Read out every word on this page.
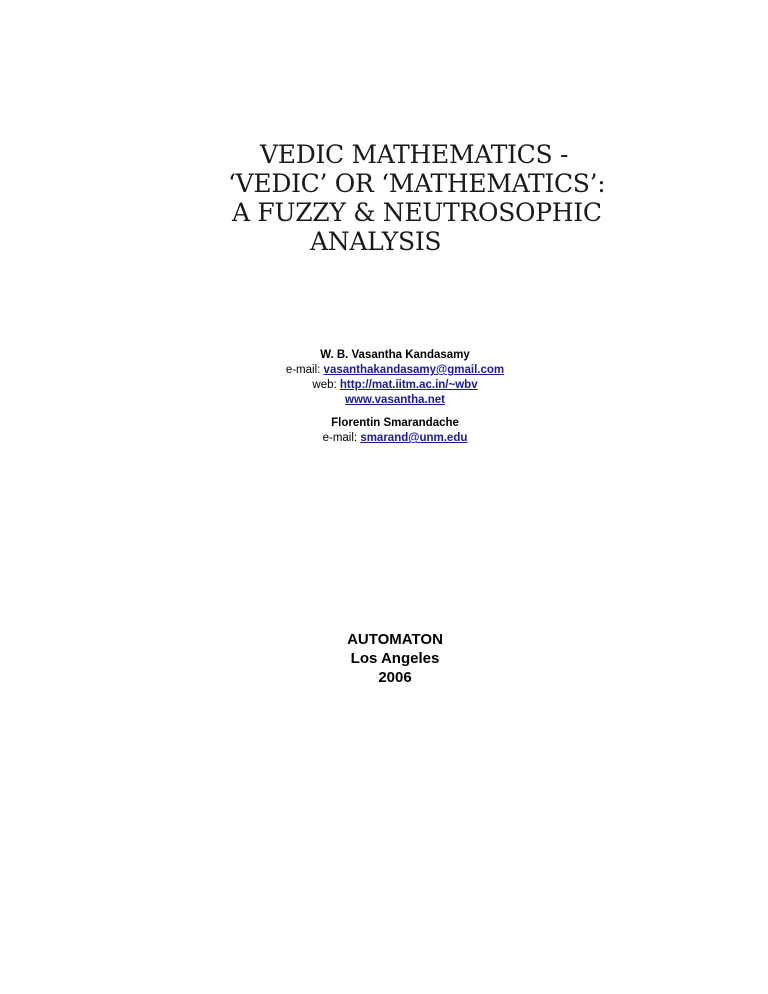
VEDIC MATHEMATICS -
‘VEDIC’ OR ‘MATHEMATICS’:
A FUZZY & NEUTROSOPHIC
ANALYSIS
W. B. Vasantha Kandasamy
e-mail: vasanthakandasamy@gmail.com
web: http://mat.iitm.ac.in/~wbv
www.vasantha.net
Florentin Smarandache
e-mail: smarand@unm.edu
AUTOMATON
Los Angeles
2006
